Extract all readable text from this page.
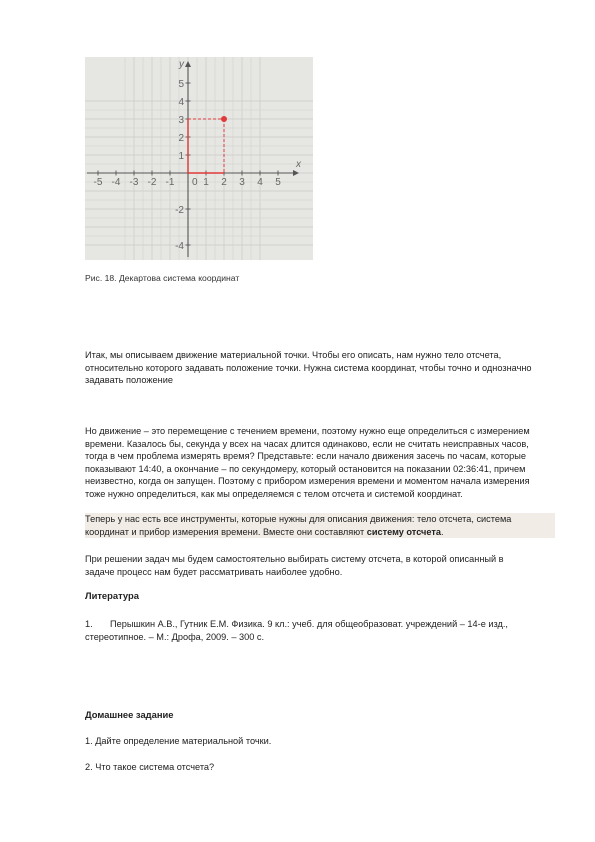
-5 -4 -3 -2 -1	1 2 3 4 5
5
4
3
2
1
-2
-4
0
x
y

Рис. 18. Декартова система координат

Итак, мы описываем движение материальной точки. Чтобы его описать, нам нужно тело отсчета, относительно которого задавать положение точки. Нужна система координат, чтобы точно и однозначно задавать положение

Но движение – это перемещение с течением времени, поэтому нужно еще определиться с измерением времени. Казалось бы, секунда у всех на часах длится одинаково, если не считать неисправных часов, тогда в чем проблема измерять время? Представьте: если начало движения засечь по часам, которые показывают 14:40, а окончание – по секундомеру, который остановится на показании 02:36:41, причем неизвестно, когда он запущен. Поэтому с прибором измерения времени и моментом начала измерения тоже нужно определиться, как мы определяемся с телом отсчета и системой координат.

Теперь у нас есть все инструменты, которые нужны для описания движения: тело отсчета, система координат и прибор измерения времени. Вместе они составляют систему отсчета.

При решении задач мы будем самостоятельно выбирать систему отсчета, в которой описанный в задаче процесс нам будет рассматривать наиболее удобно.

Литература

1. Перышкин А.В., Гутник Е.М. Физика. 9 кл.: учеб. для общеобразоват. учреждений – 14-е изд., стереотипное. – М.: Дрофа, 2009. – 300 с.

Домашнее задание

1. Дайте определение материальной точки.

2. Что такое система отсчета?
